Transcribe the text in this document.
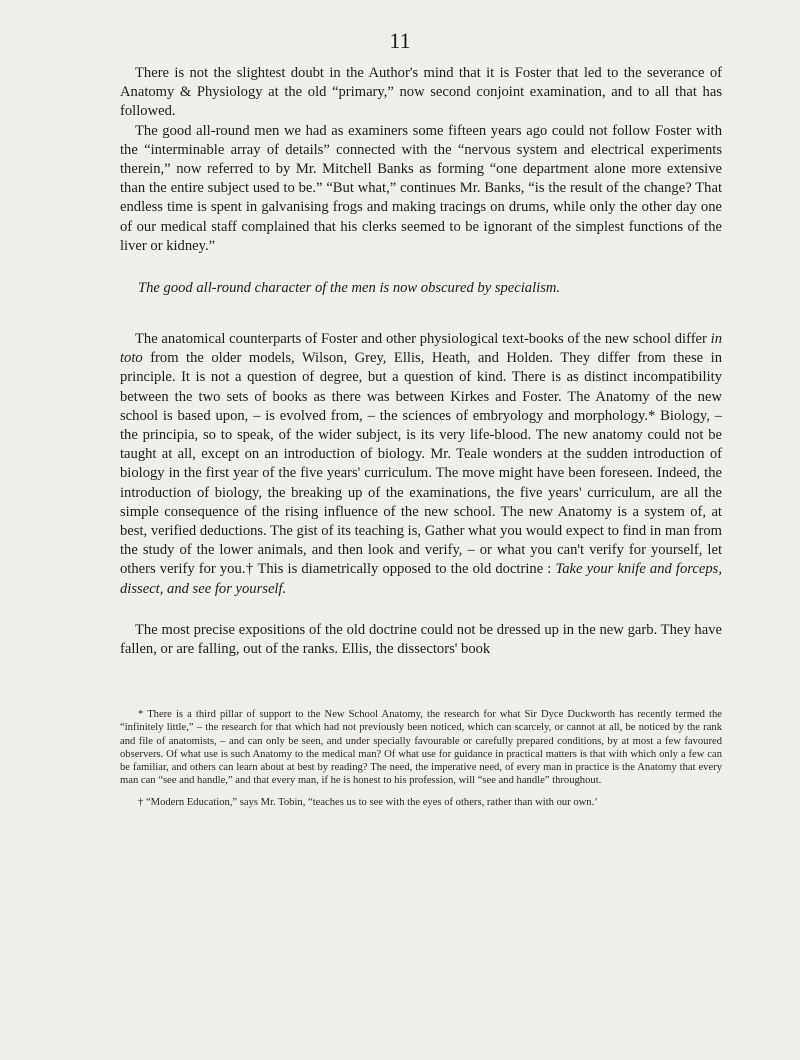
11

There is not the slightest doubt in the Author's mind that it is Foster that led to the severance of Anatomy & Physiology at the old “primary,” now second conjoint examination, and to all that has followed.

The good all-round men we had as examiners some fifteen years ago could not follow Foster with the “interminable array of details” connected with the “nervous system and electrical experiments therein,” now referred to by Mr. Mitchell Banks as forming “one department alone more extensive than the entire subject used to be.” “But what,” continues Mr. Banks, “is the result of the change? That endless time is spent in galvanising frogs and making tracings on drums, while only the other day one of our medical staff complained that his clerks seemed to be ignorant of the simplest functions of the liver or kidney.”

The good all-round character of the men is now obscured by specialism.

The anatomical counterparts of Foster and other physiological text-books of the new school differ in toto from the older models, Wilson, Grey, Ellis, Heath, and Holden. They differ from these in principle. It is not a question of degree, but a question of kind. There is as distinct incompatibility between the two sets of books as there was between Kirkes and Foster. The Anatomy of the new school is based upon, – is evolved from, – the sciences of embryology and morphology.* Biology, – the principia, so to speak, of the wider subject, is its very life-blood. The new anatomy could not be taught at all, except on an introduction of biology. Mr. Teale wonders at the sudden introduction of biology in the first year of the five years' curriculum. The move might have been foreseen. Indeed, the introduction of biology, the breaking up of the examinations, the five years' curriculum, are all the simple consequence of the rising influence of the new school. The new Anatomy is a system of, at best, verified deductions. The gist of its teaching is, Gather what you would expect to find in man from the study of the lower animals, and then look and verify, – or what you can't verify for yourself, let others verify for you.† This is diametrically opposed to the old doctrine : Take your knife and forceps, dissect, and see for yourself.

The most precise expositions of the old doctrine could not be dressed up in the new garb. They have fallen, or are falling, out of the ranks. Ellis, the dissectors' book

* There is a third pillar of support to the New School Anatomy, the research for what Sir Dyce Duckworth has recently termed the “infinitely little,” – the research for that which had not previously been noticed, which can scarcely, or cannot at all, be noticed by the rank and file of anatomists, – and can only be seen, and under specially favourable or carefully prepared conditions, by at most a few favoured observers. Of what use is such Anatomy to the medical man? Of what use for guidance in practical matters is that with which only a few can be familiar, and others can learn about at best by reading? The need, the imperative need, of every man in practice is the Anatomy that every man can “see and handle,” and that every man, if he is honest to his profession, will “see and handle” throughout.

† “Modern Education,” says Mr. Tobin, “teaches us to see with the eyes of others, rather than with our own.’
